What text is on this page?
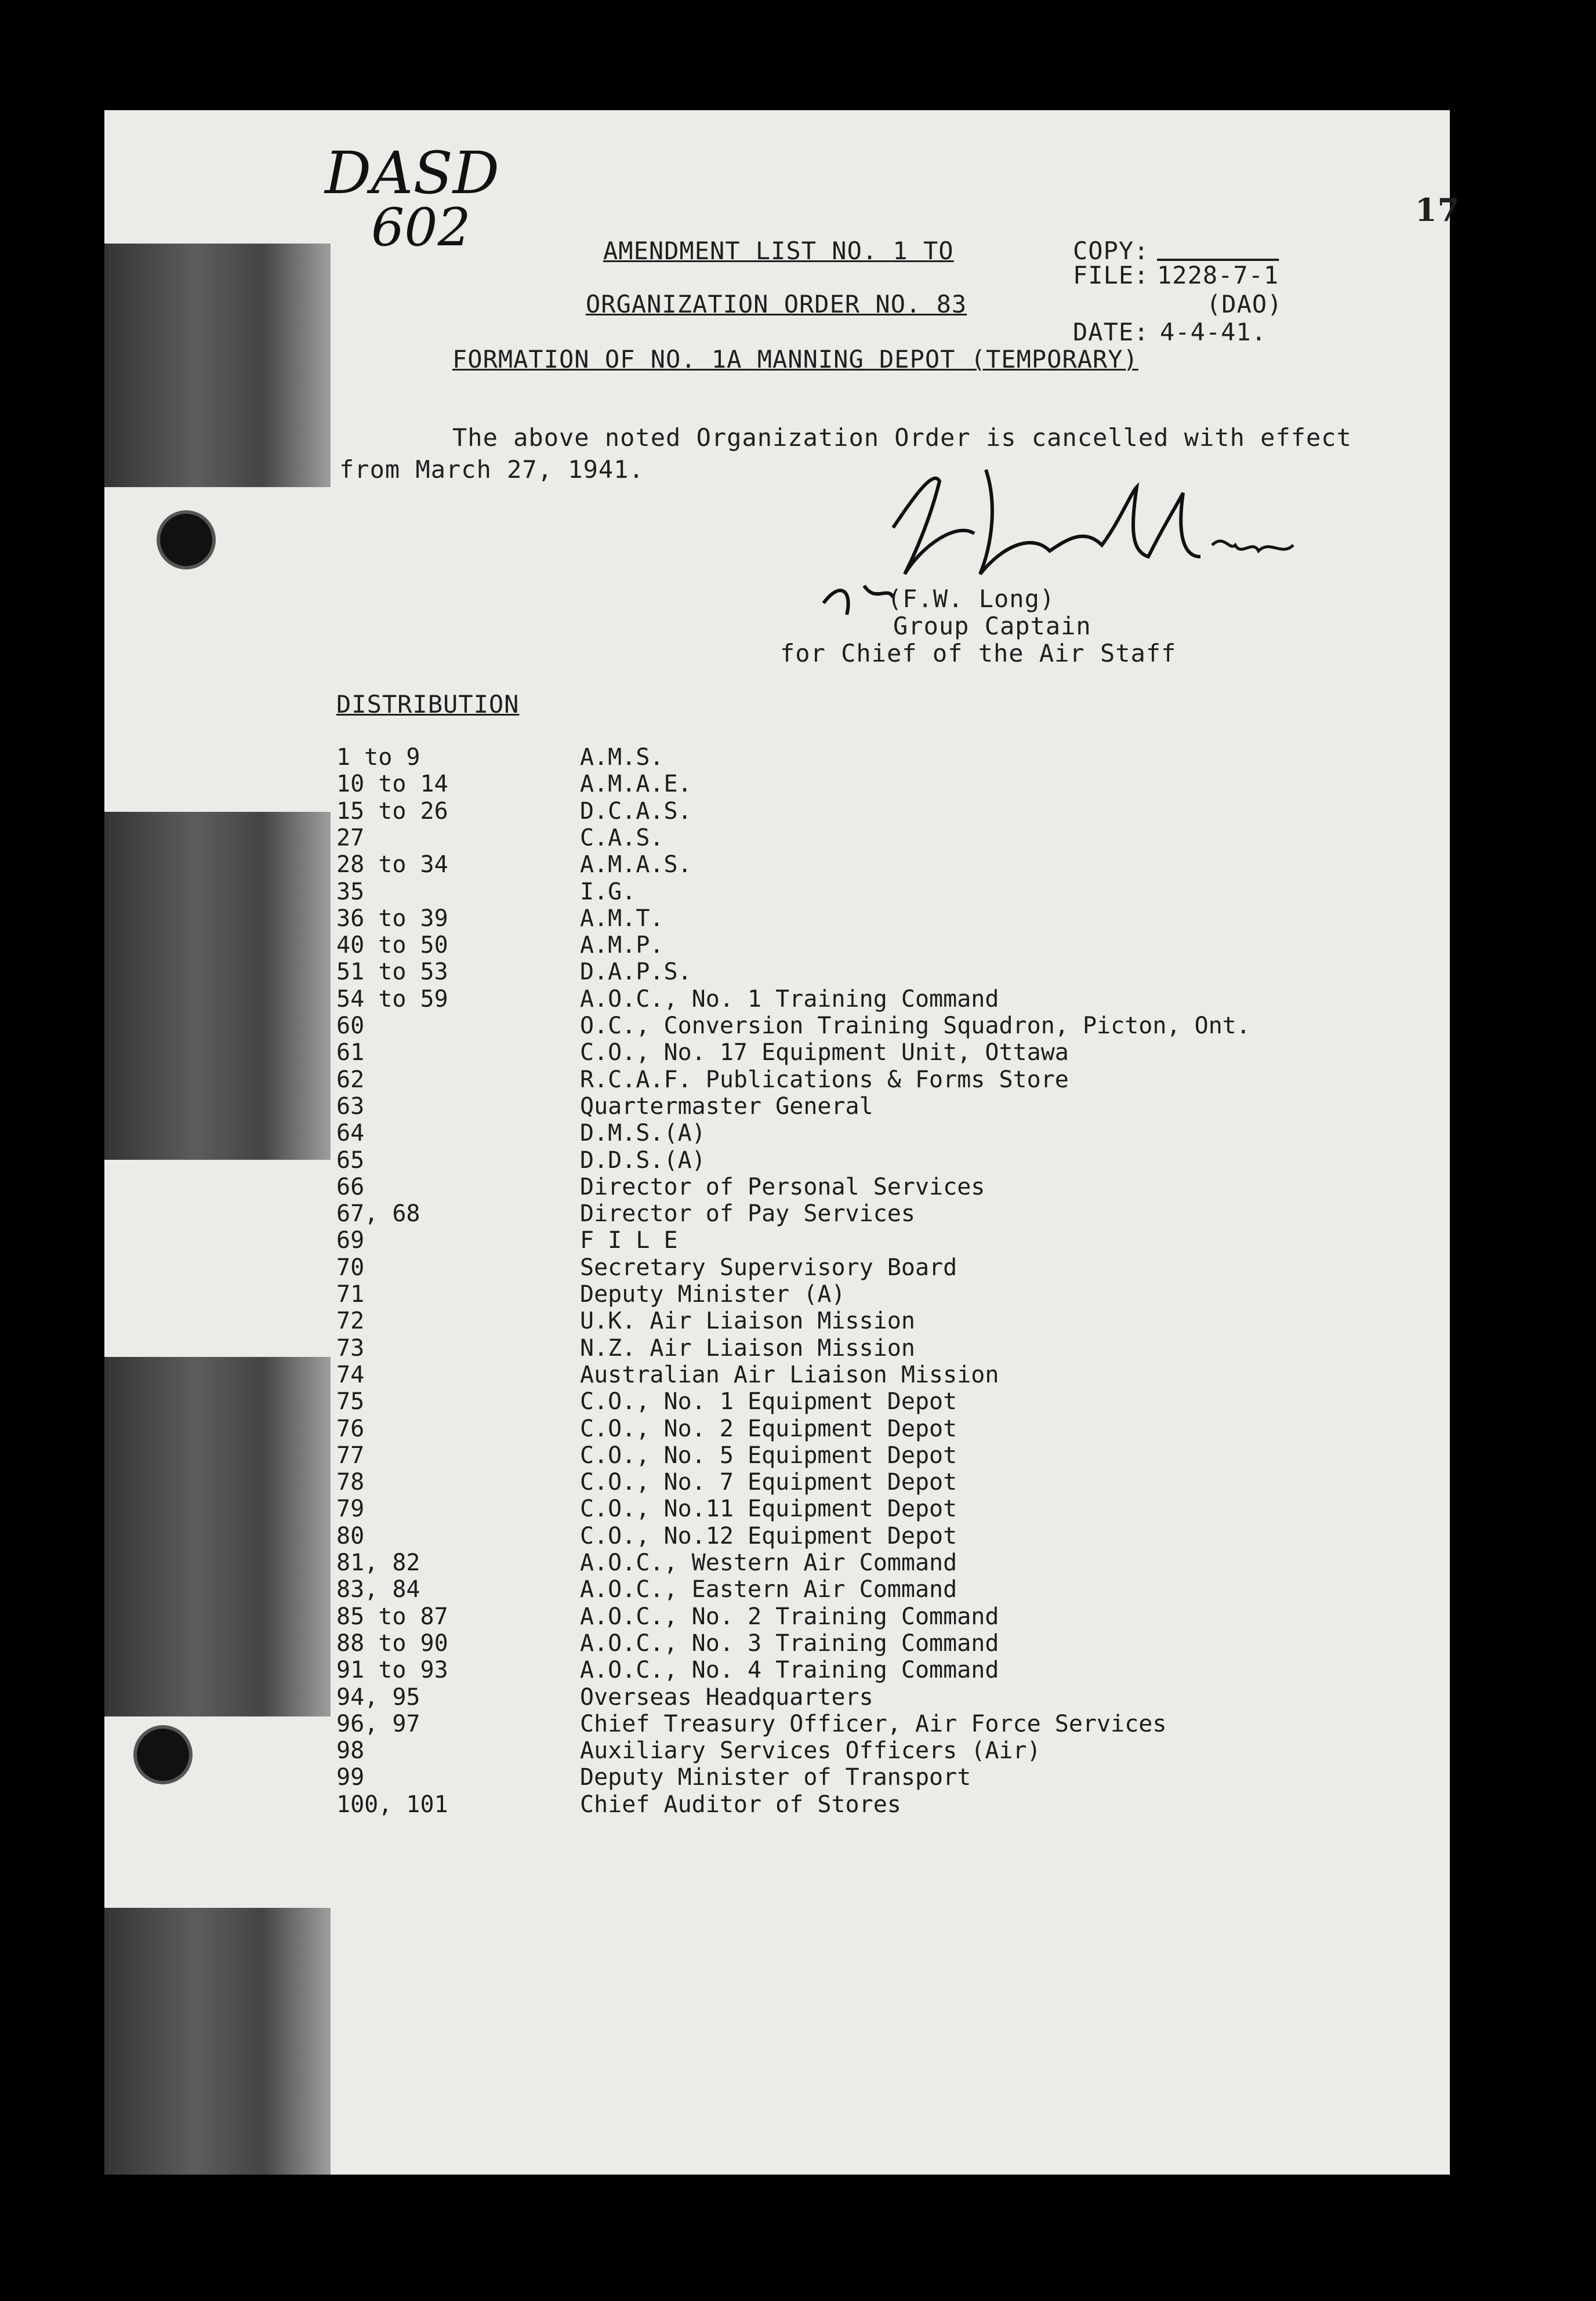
17
DASD
602	AMENDMENT LIST NO. 1 TO
ORGANIZATION ORDER NO. 83
FORMATION OF NO. 1A MANNING DEPOT (TEMPORARY)
COPY:
FILE: 1228-7-1
(DAO)
DATE: 4-4-41.
The above noted Organization Order is cancelled with effect
from March 27, 1941.
(F.W. Long)
Group Captain
for Chief of the Air Staff
DISTRIBUTION
1 to 9	A.M.S.
10 to 14	A.M.A.E.
15 to 26	D.C.A.S.
27	C.A.S.
28 to 34	A.M.A.S.
35	I.G.
36 to 39	A.M.T.
40 to 50	A.M.P.
51 to 53	D.A.P.S.
54 to 59	A.O.C., No. 1 Training Command
60	O.C., Conversion Training Squadron, Picton, Ont.
61	C.O., No. 17 Equipment Unit, Ottawa
62	R.C.A.F. Publications & Forms Store
63	Quartermaster General
64	D.M.S.(A)
65	D.D.S.(A)
66	Director of Personal Services
67, 68	Director of Pay Services
69	F I L E
70	Secretary Supervisory Board
71	Deputy Minister (A)
72	U.K. Air Liaison Mission
73	N.Z. Air Liaison Mission
74	Australian Air Liaison Mission
75	C.O., No. 1 Equipment Depot
76	C.O., No. 2 Equipment Depot
77	C.O., No. 5 Equipment Depot
78	C.O., No. 7 Equipment Depot
79	C.O., No.11 Equipment Depot
80	C.O., No.12 Equipment Depot
81, 82	A.O.C., Western Air Command
83, 84	A.O.C., Eastern Air Command
85 to 87	A.O.C., No. 2 Training Command
88 to 90	A.O.C., No. 3 Training Command
91 to 93	A.O.C., No. 4 Training Command
94, 95	Overseas Headquarters
96, 97	Chief Treasury Officer, Air Force Services
98	Auxiliary Services Officers (Air)
99	Deputy Minister of Transport
100, 101	Chief Auditor of Stores
